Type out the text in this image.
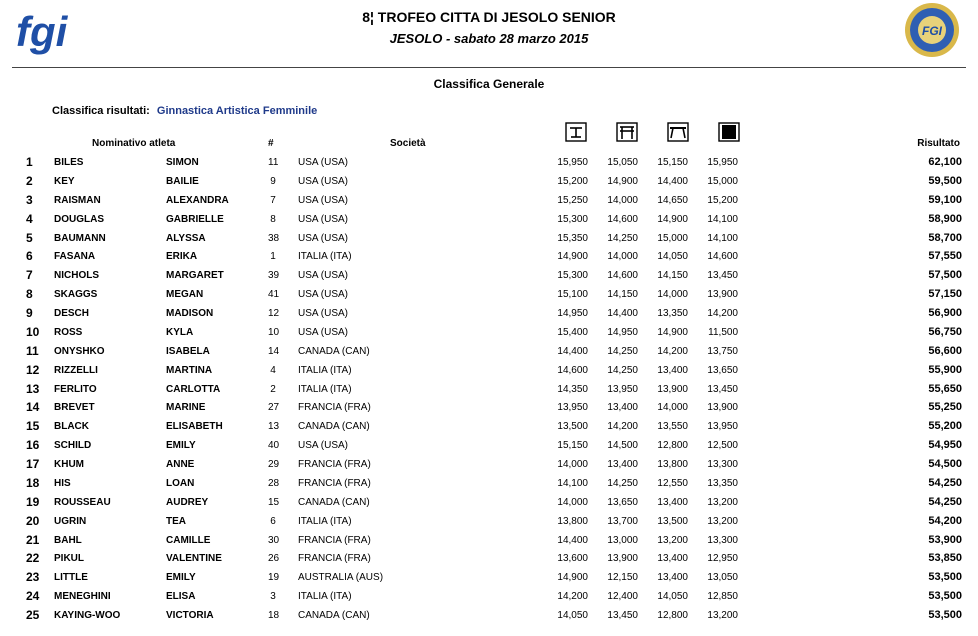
fgi	8¦ TROFEO CITTA DI JESOLO SENIOR
JESOLO - sabato 28 marzo 2015	FGI
Classifica Generale
Classifica risultati: Ginnastica Artistica Femminile
Nominativo atleta	#	Società	Risultato
1 BILES	SIMON	11 USA (USA)	15,950	15,050	15,150	15,950	62,100
2 KEY	BAILIE	9 USA (USA)	15,200	14,900	14,400	15,000	59,500
3 RAISMAN	ALEXANDRA	7 USA (USA)	15,250	14,000	14,650	15,200	59,100
4 DOUGLAS	GABRIELLE	8 USA (USA)	15,300	14,600	14,900	14,100	58,900
5 BAUMANN	ALYSSA	38 USA (USA)	15,350	14,250	15,000	14,100	58,700
6 FASANA	ERIKA	1 ITALIA (ITA)	14,900	14,000	14,050	14,600	57,550
7 NICHOLS	MARGARET	39 USA (USA)	15,300	14,600	14,150	13,450	57,500
8 SKAGGS	MEGAN	41 USA (USA)	15,100	14,150	14,000	13,900	57,150
9 DESCH	MADISON	12 USA (USA)	14,950	14,400	13,350	14,200	56,900
10 ROSS	KYLA	10 USA (USA)	15,400	14,950	14,900	11,500	56,750
11 ONYSHKO	ISABELA	14 CANADA (CAN)	14,400	14,250	14,200	13,750	56,600
12 RIZZELLI	MARTINA	4 ITALIA (ITA)	14,600	14,250	13,400	13,650	55,900
13 FERLITO	CARLOTTA	2 ITALIA (ITA)	14,350	13,950	13,900	13,450	55,650
14 BREVET	MARINE	27 FRANCIA (FRA)	13,950	13,400	14,000	13,900	55,250
15 BLACK	ELISABETH	13 CANADA (CAN)	13,500	14,200	13,550	13,950	55,200
16 SCHILD	EMILY	40 USA (USA)	15,150	14,500	12,800	12,500	54,950
17 KHUM	ANNE	29 FRANCIA (FRA)	14,000	13,400	13,800	13,300	54,500
18 HIS	LOAN	28 FRANCIA (FRA)	14,100	14,250	12,550	13,350	54,250
19 ROUSSEAU	AUDREY	15 CANADA (CAN)	14,000	13,650	13,400	13,200	54,250
20 UGRIN	TEA	6 ITALIA (ITA)	13,800	13,700	13,500	13,200	54,200
21 BAHL	CAMILLE	30 FRANCIA (FRA)	14,400	13,000	13,200	13,300	53,900
22 PIKUL	VALENTINE	26 FRANCIA (FRA)	13,600	13,900	13,400	12,950	53,850
23 LITTLE	EMILY	19 AUSTRALIA (AUS)	14,900	12,150	13,400	13,050	53,500
24 MENEGHINI	ELISA	3 ITALIA (ITA)	14,200	12,400	14,050	12,850	53,500
25 KAYING-WOO	VICTORIA	18 CANADA (CAN)	14,050	13,450	12,800	13,200	53,500
